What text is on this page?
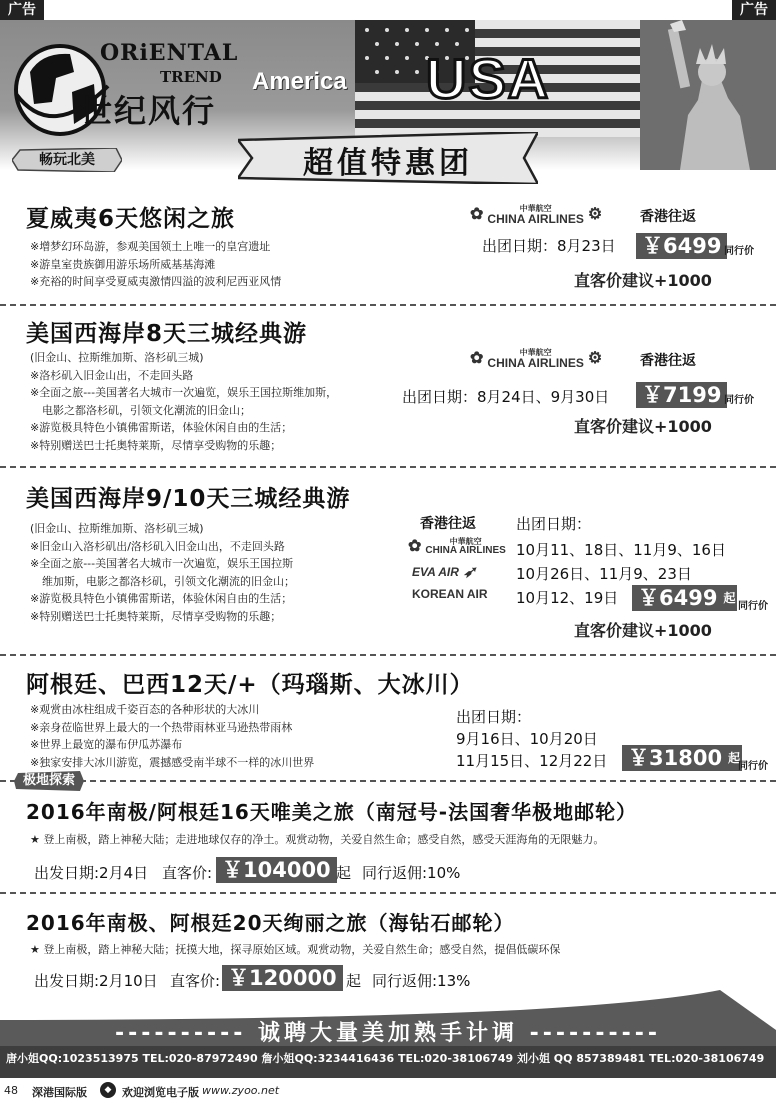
广告	广告
USA
ORiENTAL
TREND
世纪风行
America
畅玩北美	超值特惠团
夏威夷6天悠闲之旅
※增梦幻环岛游，参观美国领土上唯一的皇宫遗址
※游皇室贵族御用游乐场所威基基海滩
※充裕的时间享受夏威夷激情四溢的波利尼西亚风情
✿	中華航空
CHINA AIRLINES ⚙	香港往返
出团日期：8月23日 ￥6499 同行价
直客价建议+1000
美国西海岸8天三城经典游
(旧金山、拉斯维加斯、洛杉矶三城)
※洛杉矶入旧金山出，不走回头路
※全面之旅---美国著名大城市一次遍览，娱乐王国拉斯维加斯，
电影之都洛杉矶，引领文化潮流的旧金山；
※游览极具特色小镇佛雷斯诺，体验休闲自由的生活；
※特别赠送巴士托奥特莱斯，尽情享受购物的乐趣；
✿	中華航空
CHINA AIRLINES ⚙	香港往返
出团日期：8月24日、9月30日 ￥7199 同行价
直客价建议+1000
美国西海岸9/10天三城经典游
(旧金山、拉斯维加斯、洛杉矶三城)
※旧金山入洛杉矶出/洛杉矶入旧金山出，不走回头路
※全面之旅---美国著名大城市一次遍览，娱乐王国拉斯
维加斯，电影之都洛杉矶，引领文化潮流的旧金山；
※游览极具特色小镇佛雷斯诺，体验休闲自由的生活；
※特别赠送巴士托奥特莱斯，尽情享受购物的乐趣；
香港往返	出团日期：
✿	中華航空
CHINA AIRLINES 10月11、18日、11月9、16日
EVA AIR ➶	10月26日、11月9、23日
KOREAN AIR 10月12、19日 ￥6499 起
同行价
直客价建议+1000
阿根廷、巴西12天/+（玛瑙斯、大冰川）
※观赏由冰柱组成千姿百态的各种形状的大冰川
※亲身莅临世界上最大的一个热带雨林亚马逊热带雨林
※世界上最宽的瀑布伊瓜苏瀑布
※独家安排大冰川游览，震撼感受南半球不一样的冰川世界
出团日期：
9月16日、10月20日
11月15日、12月22日 ￥31800 起
同行价
极地探索
2016年南极/阿根廷16天唯美之旅（南冠号-法国奢华极地邮轮）
★ 登上南极，踏上神秘大陆；走进地球仅存的净土。观赏动物，关爱自然生命；感受自然，感受天涯海角的无限魅力。
出发日期:2月4日 直客价: ￥104000 起 同行返佣:10%
2016年南极、阿根廷20天绚丽之旅（海钻石邮轮）
★ 登上南极，踏上神秘大陆；抚摸大地，探寻原始区域。观赏动物，关爱自然生命；感受自然，提倡低碳环保
出发日期:2月10日 直客价: ￥120000 起 同行返佣:13%
---------- 诚聘大量美加熟手计调 ----------
唐小姐QQ:1023513975 TEL:020-87972490 詹小姐QQ:3234416436 TEL:020-38106749 刘小姐 QQ 857389481 TEL:020-38106749
48 深港国际版	◆ 欢迎浏览电子版 www.zyoo.net
